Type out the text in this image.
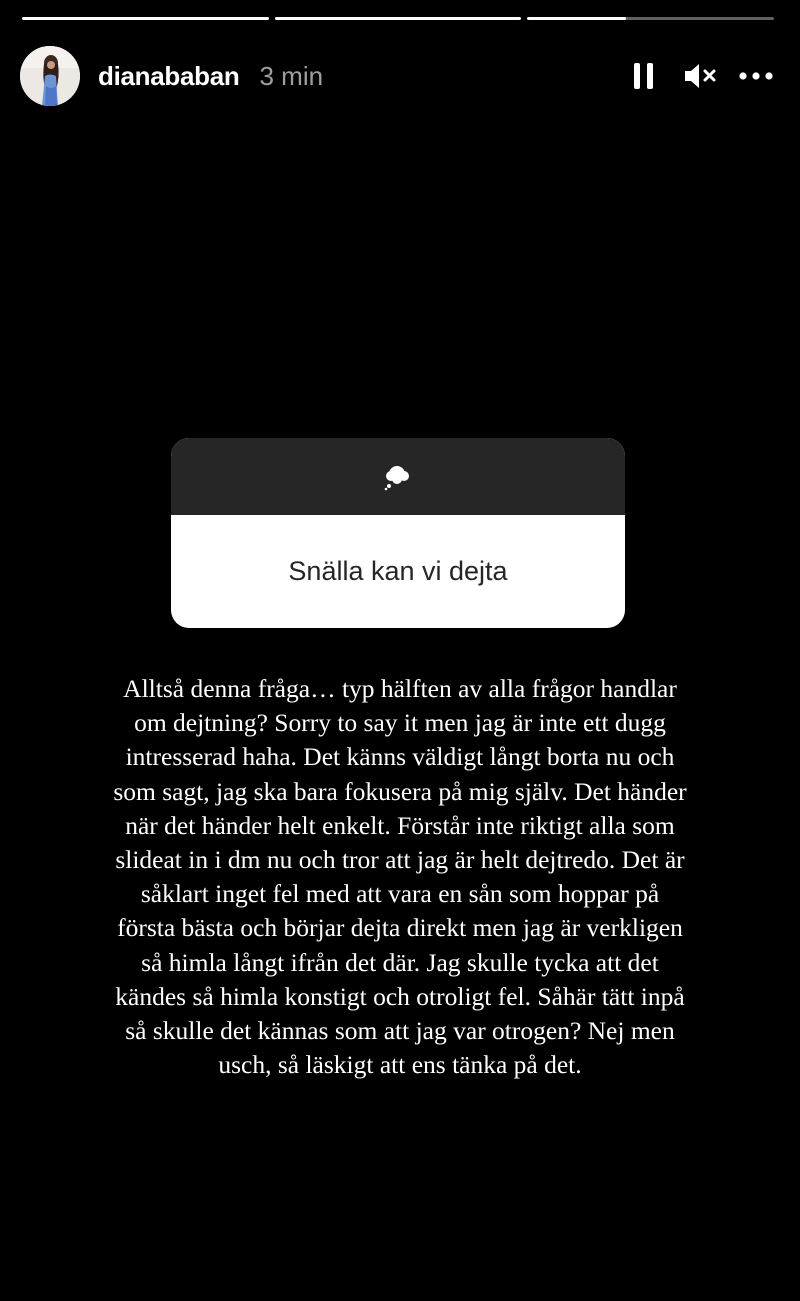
dianababan 3 min
Snälla kan vi dejta
Alltså denna fråga… typ hälften av alla frågor handlar
om dejtning? Sorry to say it men jag är inte ett dugg
intresserad haha. Det känns väldigt långt borta nu och
som sagt, jag ska bara fokusera på mig själv. Det händer
när det händer helt enkelt. Förstår inte riktigt alla som
slideat in i dm nu och tror att jag är helt dejtredo. Det är
såklart inget fel med att vara en sån som hoppar på
första bästa och börjar dejta direkt men jag är verkligen
så himla långt ifrån det där. Jag skulle tycka att det
kändes så himla konstigt och otroligt fel. Såhär tätt inpå
så skulle det kännas som att jag var otrogen? Nej men
usch, så läskigt att ens tänka på det.
